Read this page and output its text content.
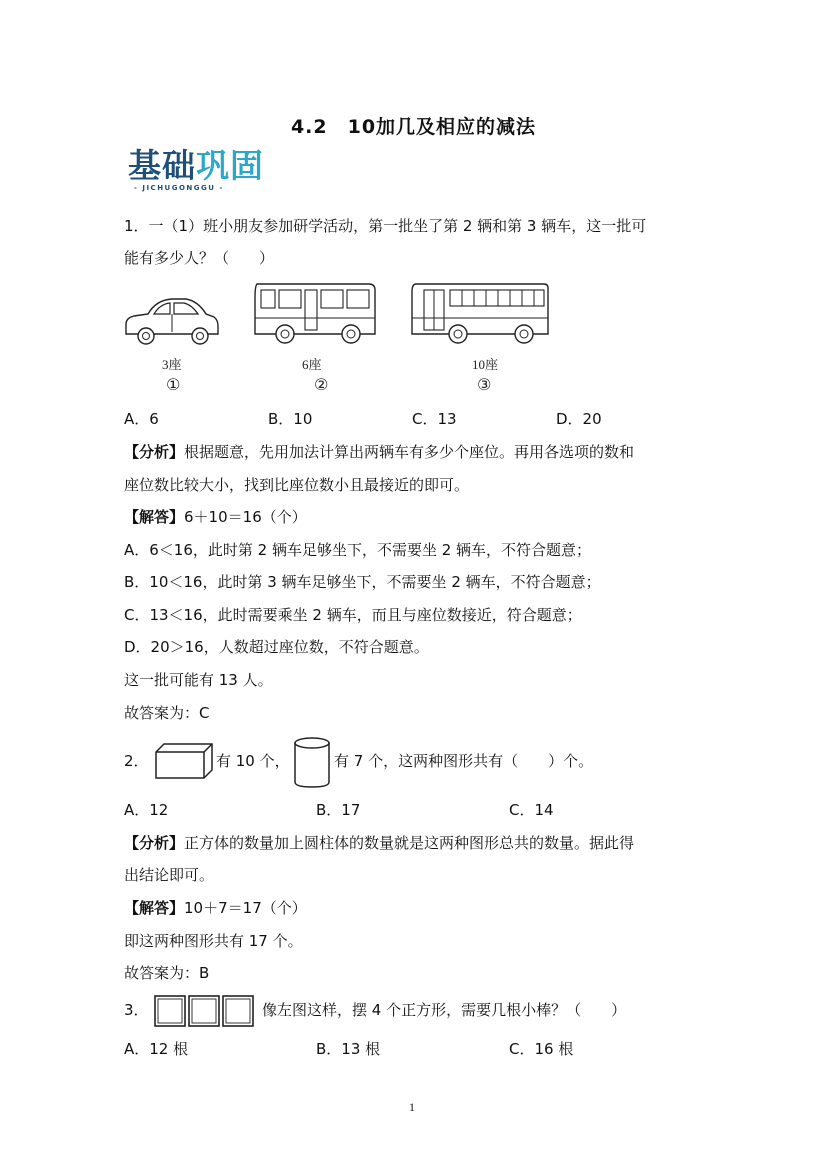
4.2　10加几及相应的减法
基础巩固
- JICHUGONGGU -
1．一（1）班小朋友参加研学活动，第一批坐了第 2 辆和第 3 辆车，这一批可
能有多少人？（　　）
3座
①
6座
②
10座
③
A．6	B．10	C．13	D．20
【分析】根据题意，先用加法计算出两辆车有多少个座位。再用各选项的数和
座位数比较大小，找到比座位数小且最接近的即可。
【解答】6＋10＝16（个）
A．6＜16，此时第 2 辆车足够坐下，不需要坐 2 辆车，不符合题意；
B．10＜16，此时第 3 辆车足够坐下，不需要坐 2 辆车，不符合题意；
C．13＜16，此时需要乘坐 2 辆车，而且与座位数接近，符合题意；
D．20＞16，人数超过座位数，不符合题意。
这一批可能有 13 人。
故答案为：C
2．	有 10 个，	有 7 个，这两种图形共有（　　）个。
A．12	B．17	C．14
【分析】正方体的数量加上圆柱体的数量就是这两种图形总共的数量。据此得
出结论即可。
【解答】10＋7＝17（个）
即这两种图形共有 17 个。
故答案为：B
3．	像左图这样，摆 4 个正方形，需要几根小棒？（　　）
A．12 根	B．13 根	C．16 根
1
